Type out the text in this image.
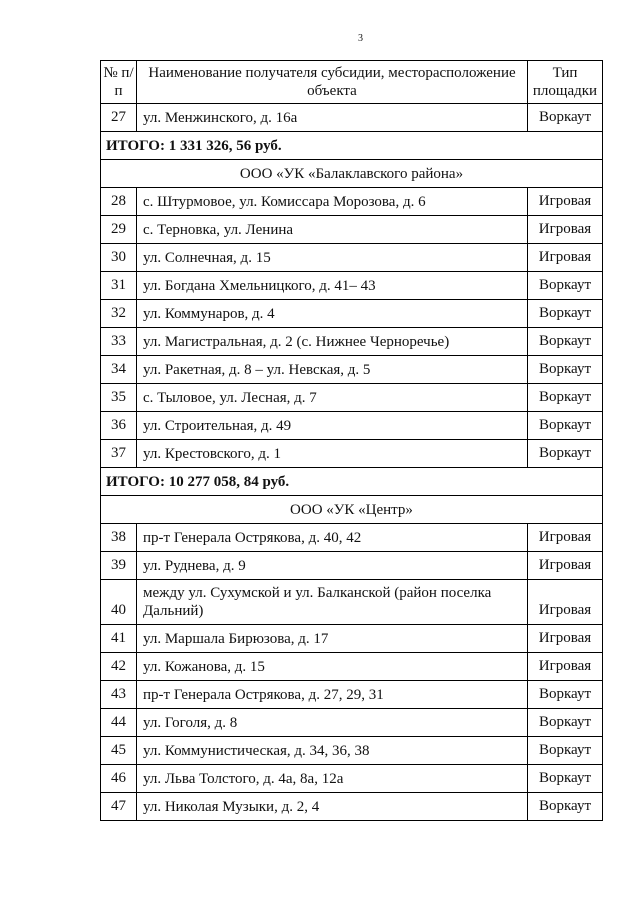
3
№ п/п	Наименование получателя субсидии, месторасположение объекта	Тип площадки
27	ул. Менжинского, д. 16а	Воркаут
ИТОГО: 1 331 326, 56 руб.		
ООО «УК «Балаклавского района»		
28	с. Штурмовое, ул. Комиссара Морозова, д. 6	Игровая
29	с. Терновка, ул. Ленина	Игровая
30	ул. Солнечная, д. 15	Игровая
31	ул. Богдана Хмельницкого, д. 41– 43	Воркаут
32	ул. Коммунаров, д. 4	Воркаут
33	ул. Магистральная, д. 2 (с. Нижнее Черноречье)	Воркаут
34	ул. Ракетная, д. 8 – ул. Невская, д. 5	Воркаут
35	с. Тыловое, ул. Лесная, д. 7	Воркаут
36	ул. Строительная, д. 49	Воркаут
37	ул. Крестовского, д. 1	Воркаут
ИТОГО: 10 277 058, 84 руб.		
ООО «УК «Центр»		
38	пр-т Генерала Острякова, д. 40, 42	Игровая
39	ул. Руднева, д. 9	Игровая
40	между ул. Сухумской и ул. Балканской (район поселка Дальний)	Игровая
41	ул. Маршала Бирюзова, д. 17	Игровая
42	ул. Кожанова, д. 15	Игровая
43	пр-т Генерала Острякова, д. 27, 29, 31	Воркаут
44	ул. Гоголя, д. 8	Воркаут
45	ул. Коммунистическая, д. 34, 36, 38	Воркаут
46	ул. Льва Толстого, д. 4а, 8а, 12а	Воркаут
47	ул. Николая Музыки, д. 2, 4	Воркаут
